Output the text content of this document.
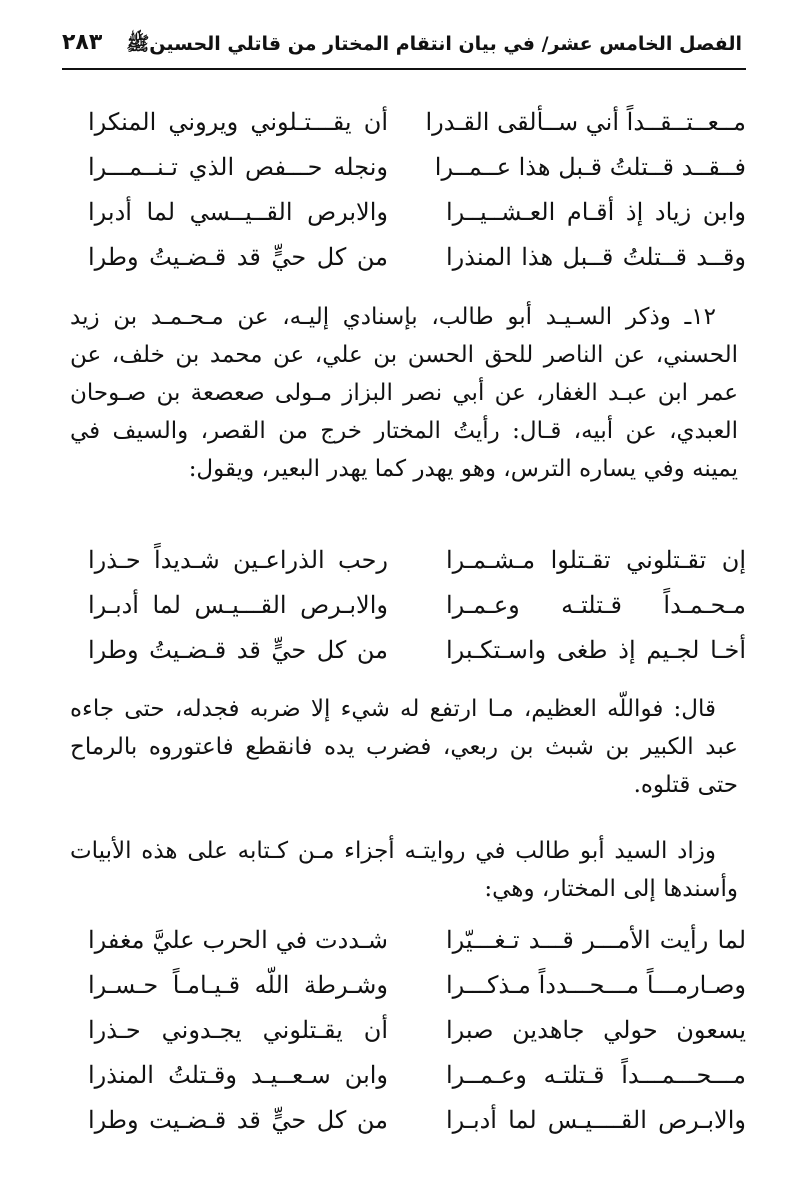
الفصل الخامس عشر/ في بيان انتقام المختار من قاتلي الحسينﷺ
٢٨٣
مــعــتــقــداً أني ســألقى القـدرا
أن يقـــتـلوني ويروني المنكرا
فــقــد قــتلتُ قـبل هذا عــمــرا
ونجله حـــفص الذي تـنــمـــرا
وابن زياد إذ أقـام العـشــيــرا
والابرص القــيــسي لما أدبرا
وقــد قــتلتُ قــبل هذا المنذرا
من كل حيٍّ قد قـضـيتُ وطرا

١٢ـ وذكر السـيـد أبو طالب، بإسنادي إليـه، عن مـحـمـد بن زيد الحسني، عن الناصر للحق الحسن بن علي، عن محمد بن خلف، عن عمر ابن عبـد الغفار، عن أبي نصر البزاز مـولى صعصعة بن صـوحان العبدي، عن أبيه، قـال: رأيتُ المختار خرج من القصر، والسيف في يمينه وفي يساره الترس، وهو يهدر كما يهدر البعير، ويقول:

إن تقـتلوني تقـتلوا مـشـمـرا
رحب الذراعـين شـديداً حـذرا
مـحـمـداً قـتلتـه وعـمـرا
والابـرص القـــيـس لما أدبـرا
أخـا لجـيم إذ طغى واسـتكـبرا
من كل حيٍّ قد قـضـيتُ وطرا

قال: فواللّه العظيم، مـا ارتفع له شيء إلا ضربه فجدله، حتى جاءه عبد الكبير بن شبث بن ربعي، فضرب يده فانقطع فاعتوروه بالرماح حتى قتلوه.

وزاد السيد أبو طالب في روايتـه أجزاء مـن كـتابه على هذه الأبيات وأسندها إلى المختار، وهي:

لما رأيت الأمـــر قـــد تـغـــيّرا
شـددت في الحرب عليَّ مغفرا
وصـارمـــاً مـــحـــدداً مـذكـــرا
وشـرطة اللّه قـيـامـاً حـسـرا
يسعون حولي جاهدين صبرا
أن يقـتلوني يجـدوني حـذرا
مـــحـــمـــداً قـتلتـه وعـمــرا
وابن سـعــيـد وقـتلتُ المنذرا
والابـرص القــــيـس لما أدبـرا
من كل حيٍّ قد قـضـيت وطرا
